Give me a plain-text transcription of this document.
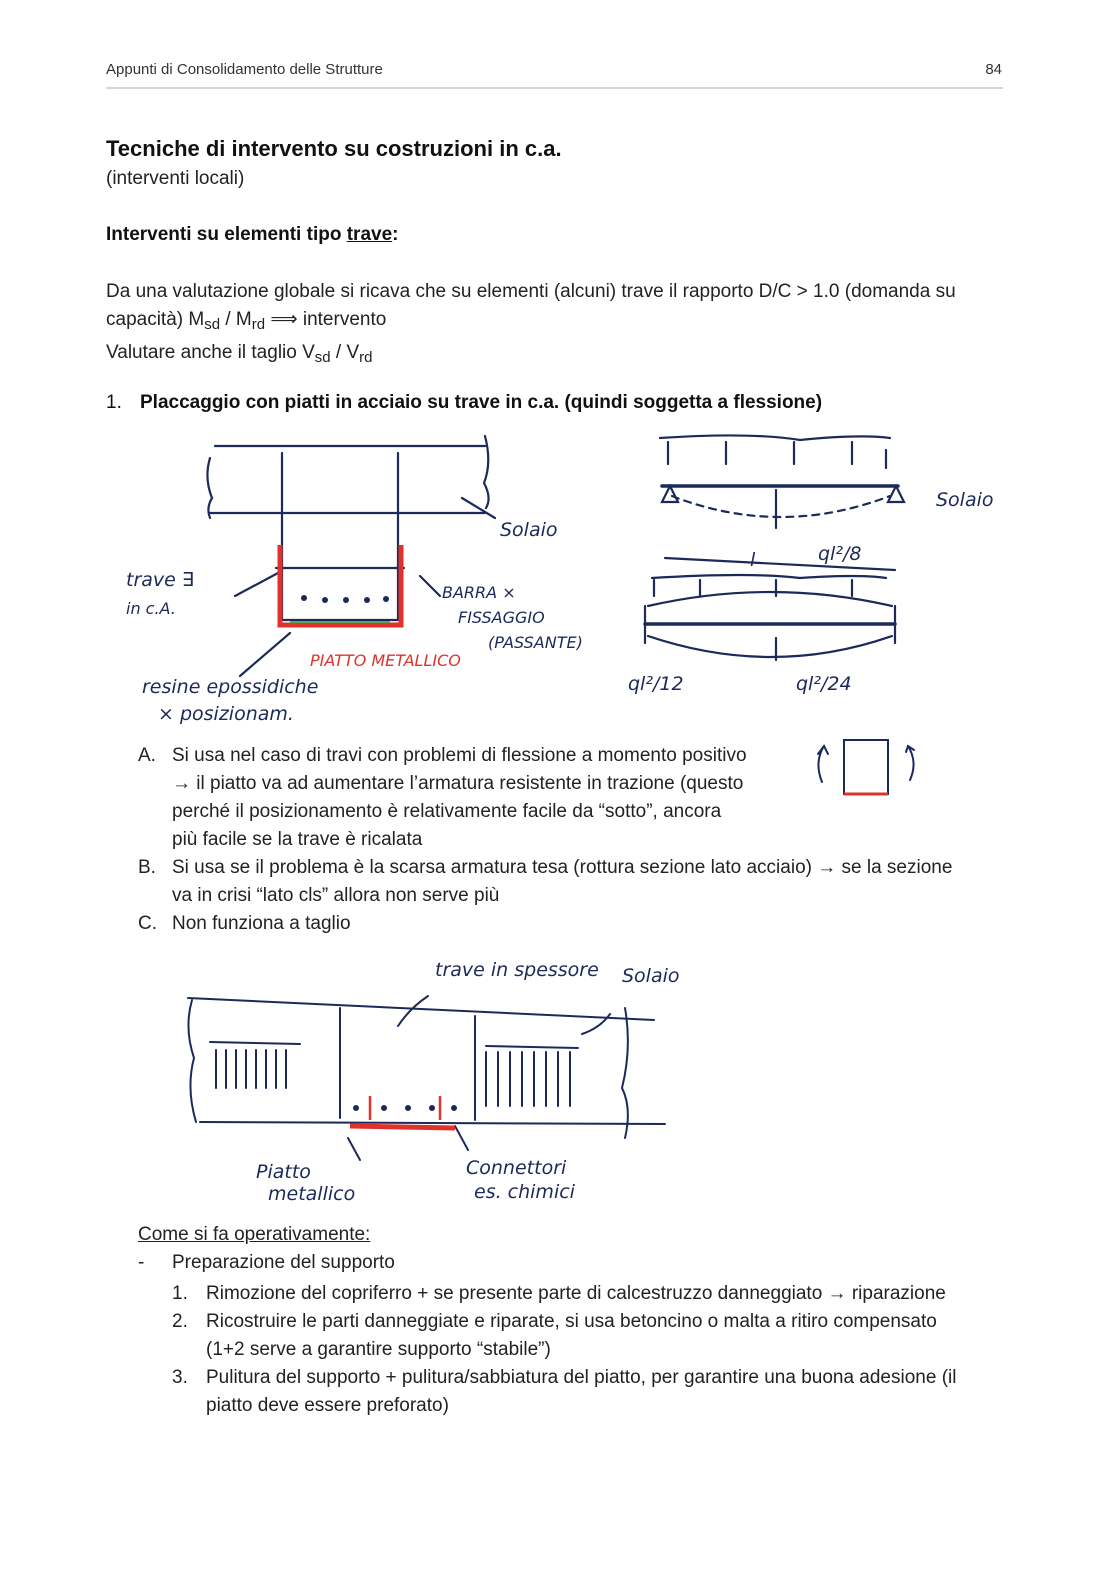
Appunti di Consolidamento delle Strutture	84
Tecniche di intervento su costruzioni in c.a.
(interventi locali)
Interventi su elementi tipo trave:
Da una valutazione globale si ricava che su elementi (alcuni) trave il rapporto D/C > 1.0 (domanda su
capacità) $M_{sd} / M_{rd}$ ⟹ intervento
Valutare anche il taglio $V_{sd} / V_{rd}$
1. Placcaggio con piatti in acciaio su trave in c.a. (quindi soggetta a flessione)
Solaio
trave ∃
in c.A.
BARRA ×
FISSAGGIO
(PASSANTE)
resine epossidiche
× posizionam.
PIATTO METALLICO
Solaio
ql²/8
l
ql²/12	ql²/24
A. Si usa nel caso di travi con problemi di flessione a momento positivo
→ il piatto va ad aumentare l’armatura resistente in trazione (questo
perché il posizionamento è relativamente facile da “sotto”, ancora
più facile se la trave è ricalata
B. Si usa se il problema è la scarsa armatura tesa (rottura sezione lato acciaio) → se la sezione
va in crisi “lato cls” allora non serve più
C. Non funziona a taglio
trave in spessore Solaio
Piatto
metallico
Connettori
es. chimici
Come si fa operativamente:
- Preparazione del supporto
1. Rimozione del copriferro + se presente parte di calcestruzzo danneggiato → riparazione
2. Ricostruire le parti danneggiate e riparate, si usa betoncino o malta a ritiro compensato
(1+2 serve a garantire supporto “stabile”)
3. Pulitura del supporto + pulitura/sabbiatura del piatto, per garantire una buona adesione (il
piatto deve essere preforato)
